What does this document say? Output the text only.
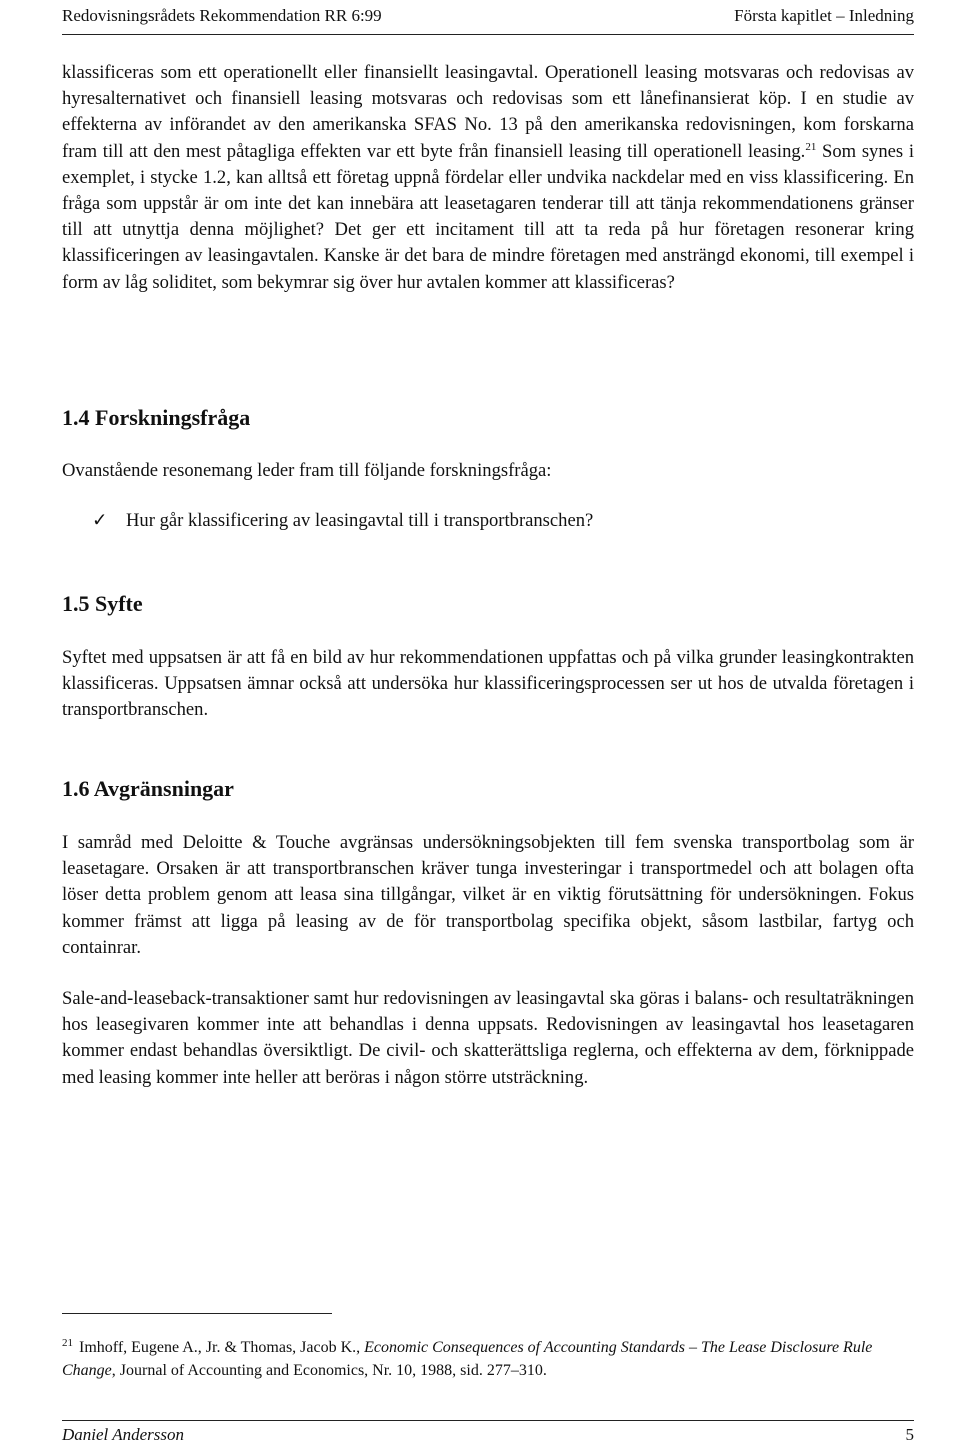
Redovisningsrådets Rekommendation RR 6:99	Första kapitlet – Inledning

klassificeras som ett operationellt eller finansiellt leasingavtal. Operationell leasing motsvaras och redovisas av hyresalternativet och finansiell leasing motsvaras och redovisas som ett lånefinansierat köp. I en studie av effekterna av införandet av den amerikanska SFAS No. 13 på den amerikanska redovisningen, kom forskarna fram till att den mest påtagliga effekten var ett byte från finansiell leasing till operationell leasing.$^{21}$ Som synes i exemplet, i stycke 1.2, kan alltså ett företag uppnå fördelar eller undvika nackdelar med en viss klassificering. En fråga som uppstår är om inte det kan innebära att leasetagaren tenderar till att tänja rekommendationens gränser till att utnyttja denna möjlighet? Det ger ett incitament till att ta reda på hur företagen resonerar kring klassificeringen av leasingavtalen. Kanske är det bara de mindre företagen med ansträngd ekonomi, till exempel i form av låg soliditet, som bekymrar sig över hur avtalen kommer att klassificeras?

1.4 Forskningsfråga

Ovanstående resonemang leder fram till följande forskningsfråga:

✓ Hur går klassificering av leasingavtal till i transportbranschen?
1.5 Syfte

Syftet med uppsatsen är att få en bild av hur rekommendationen uppfattas och på vilka grunder leasingkontrakten klassificeras. Uppsatsen ämnar också att undersöka hur klassificeringsprocessen ser ut hos de utvalda företagen i transportbranschen.

1.6 Avgränsningar

I samråd med Deloitte & Touche avgränsas undersökningsobjekten till fem svenska transportbolag som är leasetagare. Orsaken är att transportbranschen kräver tunga investeringar i transportmedel och att bolagen ofta löser detta problem genom att leasa sina tillgångar, vilket är en viktig förutsättning för undersökningen. Fokus kommer främst att ligga på leasing av de för transportbolag specifika objekt, såsom lastbilar, fartyg och containrar.

Sale-and-leaseback-transaktioner samt hur redovisningen av leasingavtal ska göras i balans- och resultaträkningen hos leasegivaren kommer inte att behandlas i denna uppsats. Redovisningen av leasingavtal hos leasetagaren kommer endast behandlas översiktligt. De civil- och skatterättsliga reglerna, och effekterna av dem, förknippade med leasing kommer inte heller att beröras i någon större utsträckning.

$^{21}$ Imhoff, Eugene A., Jr. & Thomas, Jacob K., Economic Consequences of Accounting Standards – The Lease Disclosure Rule Change, Journal of Accounting and Economics, Nr. 10, 1988, sid. 277–310.

Daniel Andersson	5
